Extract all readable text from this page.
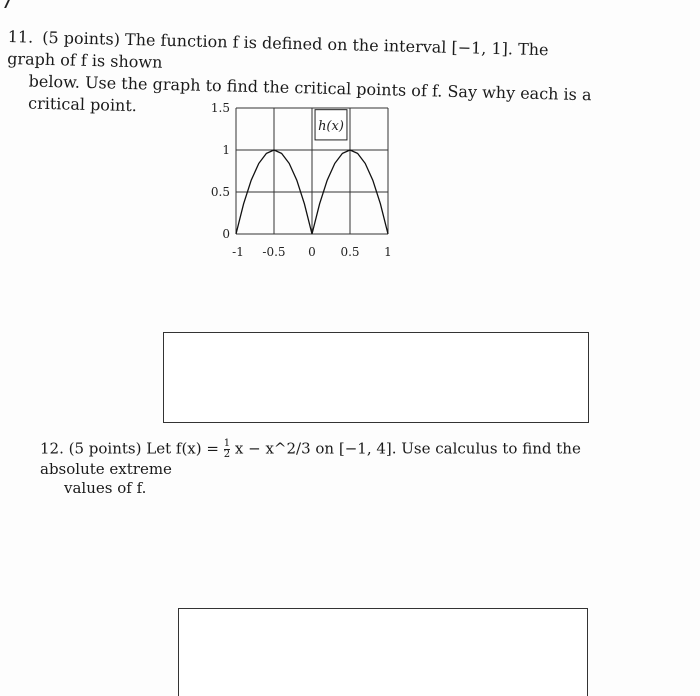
11. (5 points) The function f is defined on the interval [−1, 1]. The graph of f is shown
below. Use the graph to find the critical points of f. Say why each is a critical point.
0
0.5
1
1.5
-1 -0.5 0 0.5 1
h(x)
12. (5 points) Let $f(x) = \frac{1}{2}$ x − x^2/3 on [−1, 4]. Use calculus to find the absolute extreme
values of f.
